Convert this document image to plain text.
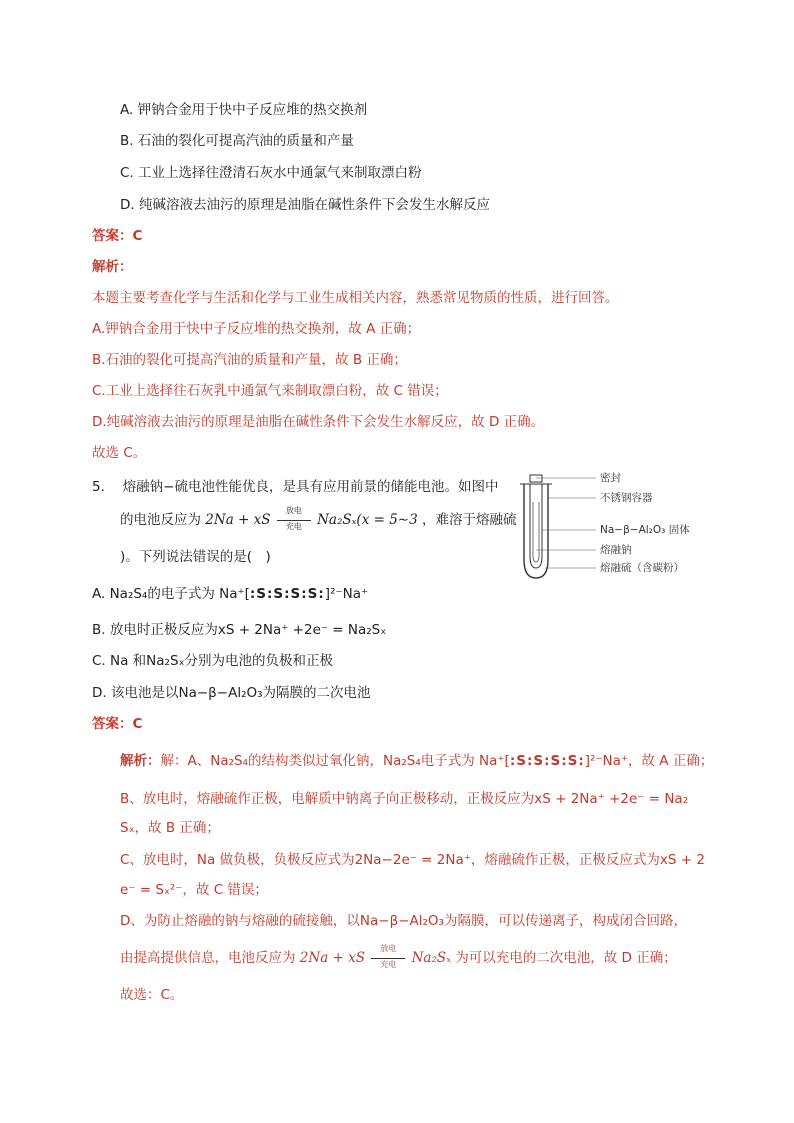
A. 钾钠合金用于快中子反应堆的热交换剂
B. 石油的裂化可提高汽油的质量和产量
C. 工业上选择往澄清石灰水中通氯气来制取漂白粉
D. 纯碱溶液去油污的原理是油脂在碱性条件下会发生水解反应
答案：C
解析：
本题主要考查化学与生活和化学与工业生成相关内容，熟悉常见物质的性质，进行回答。
A.钾钠合金用于快中子反应堆的热交换剂，故 A 正确；
B.石油的裂化可提高汽油的质量和产量，故 B 正确；
C.工业上选择往石灰乳中通氯气来制取漂白粉，故 C 错误；
D.纯碱溶液去油污的原理是油脂在碱性条件下会发生水解反应，故 D 正确。
故选 C。
5.　 熔融钠−硫电池性能优良，是具有应用前景的储能电池。如图中
的电池反应为 2Na + xS $\frac{\text{放电}}{\text{充电}} Na_2S_x(x$ = 5∼3 ，难溶于熔融硫
)。下列说法错误的是(　)
密封
不锈钢容器
Na−β−Al₂O₃ 固体
熔融钠
熔融硫（含碳粉）
A. Na₂S₄的电子式为 Na⁺[:S:S:S:S:]²⁻Na⁺
B. 放电时正极反应为xS + 2Na⁺ +2e⁻ = Na₂Sₓ
C. Na 和Na₂Sₓ分别为电池的负极和正极
D. 该电池是以Na−β−Al₂O₃为隔膜的二次电池
答案：C
解析：解：A、Na₂S₄的结构类似过氧化钠，Na₂S₄电子式为 Na⁺[:S:S:S:S:]²⁻Na⁺，故 A 正确；
B、放电时，熔融硫作正极，电解质中钠离子向正极移动，正极反应为xS + 2Na⁺ +2e⁻ = Na₂
Sₓ，故 B 正确；
C、放电时，Na 做负极，负极反应式为2Na−2e⁻ = 2Na⁺，熔融硫作正极，正极反应式为xS + 2
e⁻ = Sₓ²⁻，故 C 错误；
D、为防止熔融的钠与熔融的硫接触，以Na−β−Al₂O₃为隔膜，可以传递离子，构成闭合回路，
由提高提供信息，电池反应为 2Na + xS $\frac{\text{放电}}{\text{充电}} Na_2S_x$ 为可以充电的二次电池，故 D 正确；
故选：C。
